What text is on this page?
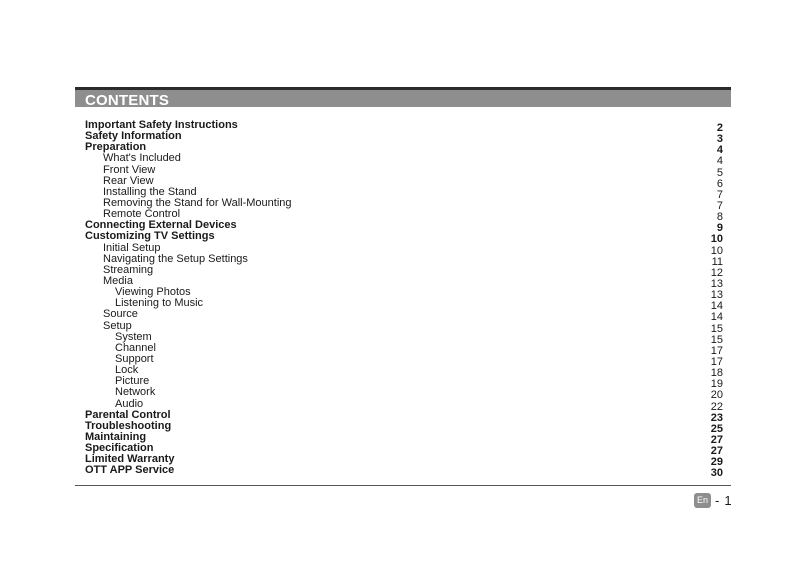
CONTENTS
Important Safety Instructions	2
Safety Information	3
Preparation	4
What's Included	4
Front View	5
Rear View	6
Installing the Stand	7
Removing the Stand for Wall-Mounting	7
Remote Control	8
Connecting External Devices	9
Customizing TV Settings	10
Initial Setup	10
Navigating the Setup Settings	11
Streaming	12
Media	13
Viewing Photos	13
Listening to Music	14
Source	14
Setup	15
System	15
Channel	17
Support	17
Lock	18
Picture	19
Network	20
Audio	22
Parental Control	23
Troubleshooting	25
Maintaining	27
Specification	27
Limited Warranty	29
OTT APP Service	30
En - 1
